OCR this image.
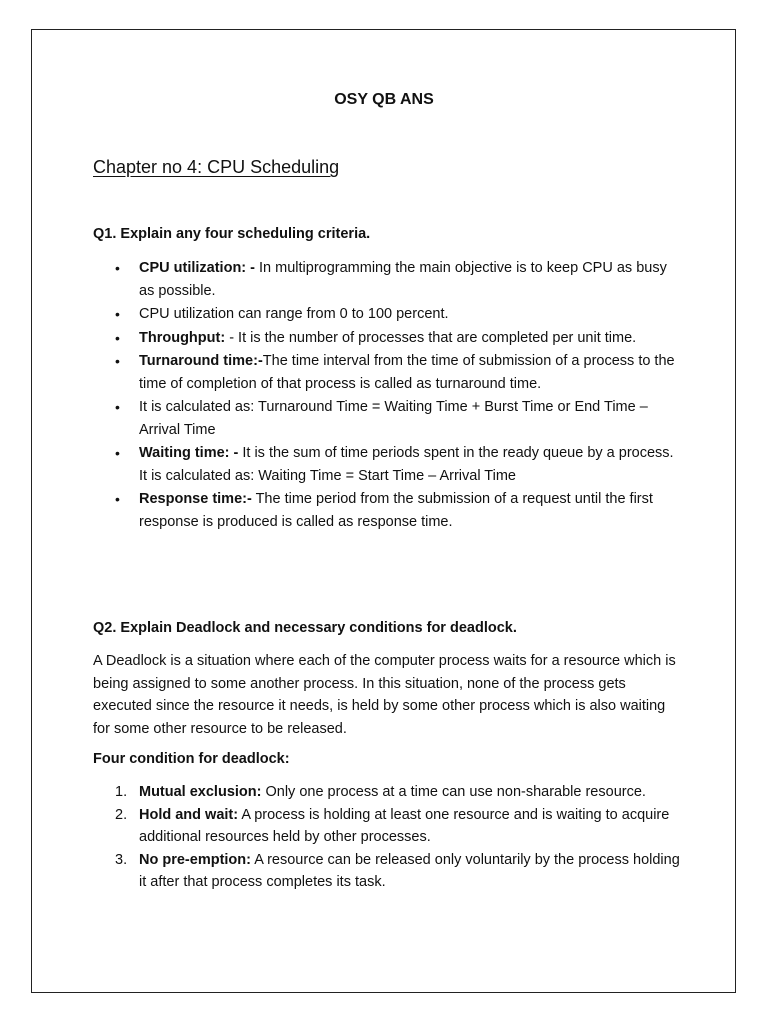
OSY QB ANS
Chapter no 4: CPU Scheduling
Q1. Explain any four scheduling criteria.
• CPU utilization: - In multiprogramming the main objective is to keep CPU as busy as possible.
• CPU utilization can range from 0 to 100 percent.
• Throughput: - It is the number of processes that are completed per unit time.
• Turnaround time:-The time interval from the time of submission of a process to the time of completion of that process is called as turnaround time.
• It is calculated as: Turnaround Time = Waiting Time + Burst Time or End Time – Arrival Time
• Waiting time: - It is the sum of time periods spent in the ready queue by a process. It is calculated as: Waiting Time = Start Time – Arrival Time
• Response time:- The time period from the submission of a request until the first response is produced is called as response time.
Q2. Explain Deadlock and necessary conditions for deadlock.

A Deadlock is a situation where each of the computer process waits for a resource which is being assigned to some another process. In this situation, none of the process gets executed since the resource it needs, is held by some other process which is also waiting for some other resource to be released.

Four condition for deadlock:
1. Mutual exclusion: Only one process at a time can use non-sharable resource.
2. Hold and wait: A process is holding at least one resource and is waiting to acquire additional resources held by other processes.
3. No pre-emption: A resource can be released only voluntarily by the process holding it after that process completes its task.
